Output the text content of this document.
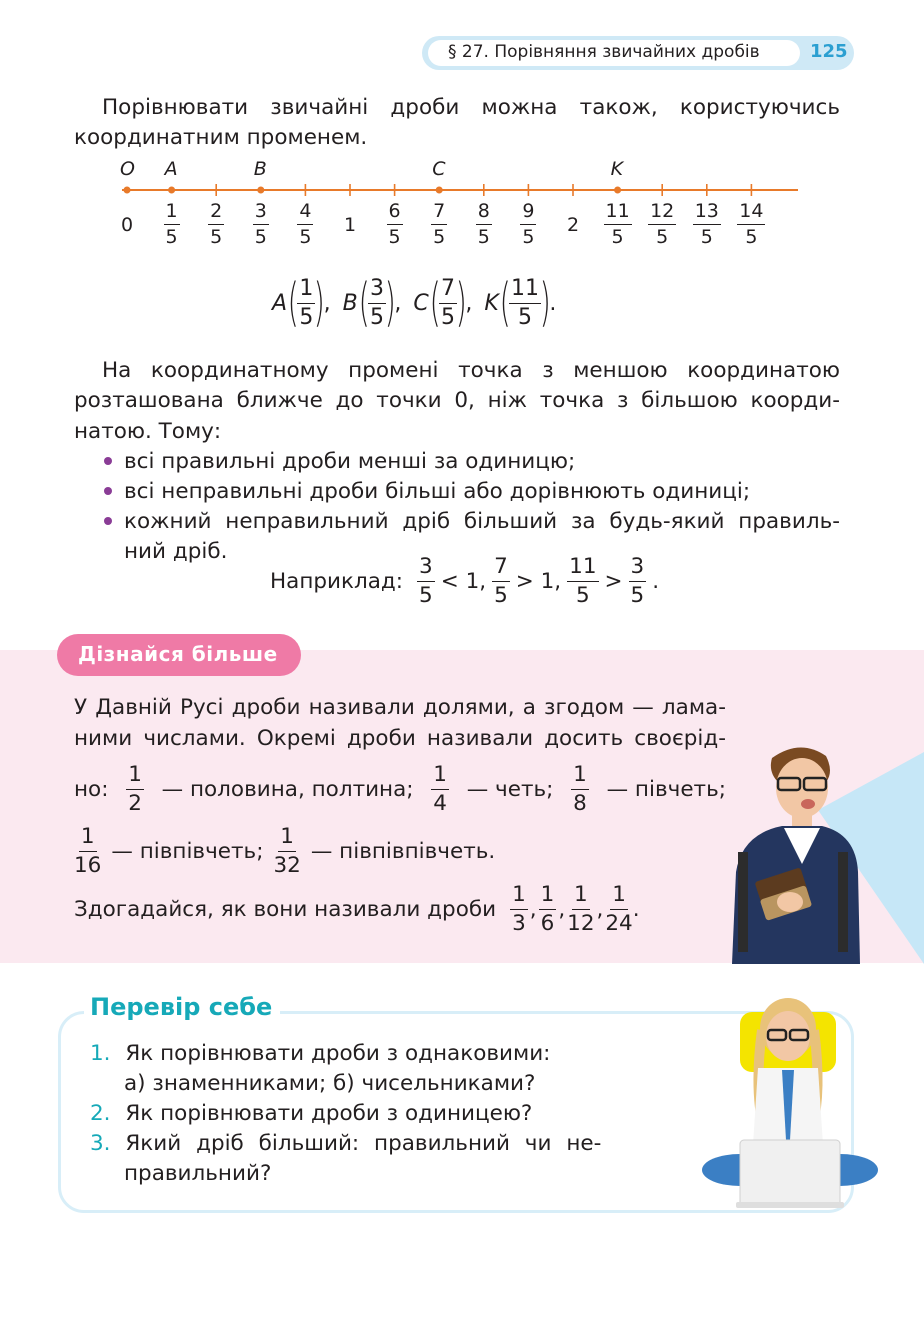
§ 27. Порівняння звичайних дробів	125
Порівнювати звичайні дроби можна також, користуючись
координатним променем.
O A	B	C	K
$0 \frac{1}{5} \frac{2}{5} \frac{3}{5} \frac{4}{5} 1 \frac{6}{5} \frac{7}{5} \frac{8}{5} \frac{9}{5} 2 \frac{11}{5} \frac{12}{5} \frac{13}{5} \frac{14}{5}$
A (
$\frac{1}{5}$
)
, B (
$\frac{3}{5}$
)
, C (
$\frac{7}{5}$
)
, K (
$\frac{11}{5}$
)
.
На координатному промені точка з меншою координатою
розташована ближче до точки 0, ніж точка з більшою коорди-
натою. Тому:
всі правильні дроби менші за одиницю;
всі неправильні дроби більші або дорівнюють одиниці;
кожний неправильний дріб більший за будь-який правиль-
ний дріб.
Наприклад: $\frac{3}{5} < 1$, $\frac{7}{5} > 1$, $\frac{11}{5} > \frac{3}{5}$ .
Дізнайся більше
У Давній Русі дроби називали долями, а згодом — лама-
ними числами. Окремі дроби називали досить своєрід-
но: $\frac{1}{2}$ — половина, полтина; $\frac{1}{4}$ — четь; $\frac{1}{8}$ — півчеть;
$\frac{1}{16}$ — півпівчеть; $\frac{1}{32}$ — півпівпівчеть.
Здогадайся, як вони називали дроби $\frac{1}{3}$ , $\frac{1}{6}$ , $\frac{1}{12}$ , $\frac{1}{24}$ .
Перевір себе
1. Як порівнювати дроби з однаковими:
а) знаменниками; б) чисельниками?
2. Як порівнювати дроби з одиницею?
3. Який дріб більший: правильний чи не-
правильний?
